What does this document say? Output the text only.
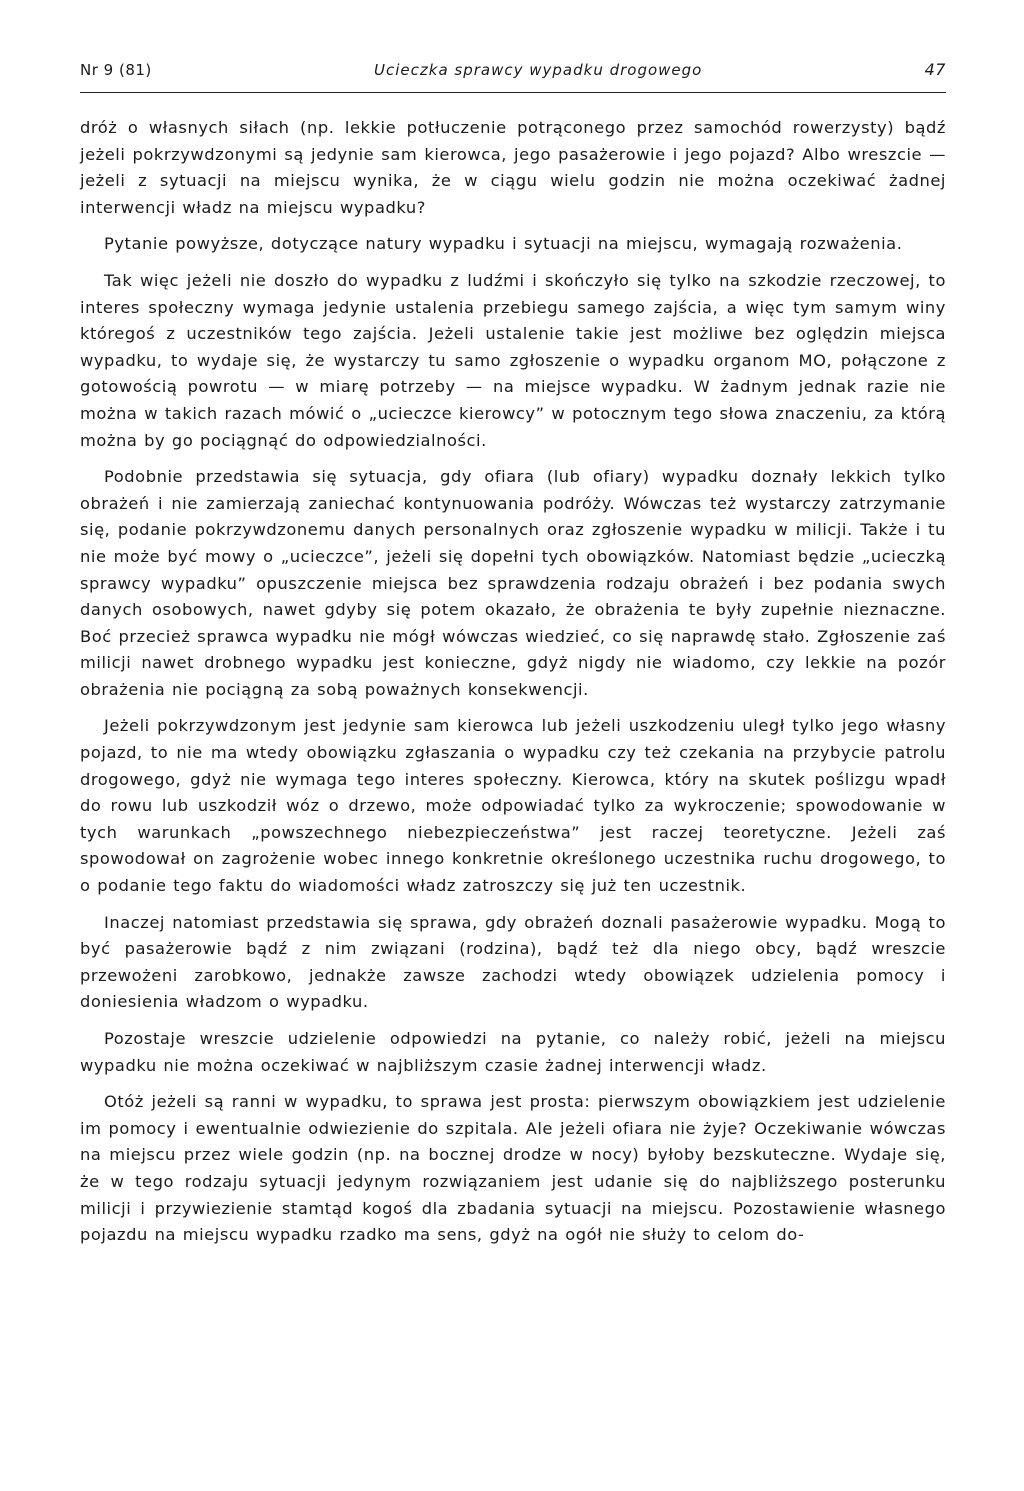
Nr 9 (81)	Ucieczka sprawcy wypadku drogowego	47

dróż o własnych siłach (np. lekkie potłuczenie potrąconego przez samochód rowerzysty) bądź jeżeli pokrzywdzonymi są jedynie sam kierowca, jego pasażerowie i jego pojazd? Albo wreszcie — jeżeli z sytuacji na miejscu wynika, że w ciągu wielu godzin nie można oczekiwać żadnej interwencji władz na miejscu wypadku?

Pytanie powyższe, dotyczące natury wypadku i sytuacji na miejscu, wymagają rozważenia.

Tak więc jeżeli nie doszło do wypadku z ludźmi i skończyło się tylko na szkodzie rzeczowej, to interes społeczny wymaga jedynie ustalenia przebiegu samego zajścia, a więc tym samym winy któregoś z uczestników tego zajścia. Jeżeli ustalenie takie jest możliwe bez oględzin miejsca wypadku, to wydaje się, że wystarczy tu samo zgłoszenie o wypadku organom MO, połączone z gotowością powrotu — w miarę potrzeby — na miejsce wypadku. W żadnym jednak razie nie można w takich razach mówić o „ucieczce kierowcy” w potocznym tego słowa znaczeniu, za którą można by go pociągnąć do odpowiedzialności.

Podobnie przedstawia się sytuacja, gdy ofiara (lub ofiary) wypadku doznały lekkich tylko obrażeń i nie zamierzają zaniechać kontynuowania podróży. Wówczas też wystarczy zatrzymanie się, podanie pokrzywdzonemu danych personalnych oraz zgłoszenie wypadku w milicji. Także i tu nie może być mowy o „ucieczce”, jeżeli się dopełni tych obowiązków. Natomiast będzie „ucieczką sprawcy wypadku” opuszczenie miejsca bez sprawdzenia rodzaju obrażeń i bez podania swych danych osobowych, nawet gdyby się potem okazało, że obrażenia te były zupełnie nieznaczne. Boć przecież sprawca wypadku nie mógł wówczas wiedzieć, co się naprawdę stało. Zgłoszenie zaś milicji nawet drobnego wypadku jest konieczne, gdyż nigdy nie wiadomo, czy lekkie na pozór obrażenia nie pociągną za sobą poważnych konsekwencji.

Jeżeli pokrzywdzonym jest jedynie sam kierowca lub jeżeli uszkodzeniu uległ tylko jego własny pojazd, to nie ma wtedy obowiązku zgłaszania o wypadku czy też czekania na przybycie patrolu drogowego, gdyż nie wymaga tego interes społeczny. Kierowca, który na skutek poślizgu wpadł do rowu lub uszkodził wóz o drzewo, może odpowiadać tylko za wykroczenie; spowodowanie w tych warunkach „powszechnego niebezpieczeństwa” jest raczej teoretyczne. Jeżeli zaś spowodował on zagrożenie wobec innego konkretnie określonego uczestnika ruchu drogowego, to o podanie tego faktu do wiadomości władz zatroszczy się już ten uczestnik.

Inaczej natomiast przedstawia się sprawa, gdy obrażeń doznali pasażerowie wypadku. Mogą to być pasażerowie bądź z nim związani (rodzina), bądź też dla niego obcy, bądź wreszcie przewożeni zarobkowo, jednakże zawsze zachodzi wtedy obowiązek udzielenia pomocy i doniesienia władzom o wypadku.

Pozostaje wreszcie udzielenie odpowiedzi na pytanie, co należy robić, jeżeli na miejscu wypadku nie można oczekiwać w najbliższym czasie żadnej interwencji władz.

Otóż jeżeli są ranni w wypadku, to sprawa jest prosta: pierwszym obowiązkiem jest udzielenie im pomocy i ewentualnie odwiezienie do szpitala. Ale jeżeli ofiara nie żyje? Oczekiwanie wówczas na miejscu przez wiele godzin (np. na bocznej drodze w nocy) byłoby bezskuteczne. Wydaje się, że w tego rodzaju sytuacji jedynym rozwiązaniem jest udanie się do najbliższego posterunku milicji i przywiezienie stamtąd kogoś dla zbadania sytuacji na miejscu. Pozostawienie własnego pojazdu na miejscu wypadku rzadko ma sens, gdyż na ogół nie służy to celom do-
